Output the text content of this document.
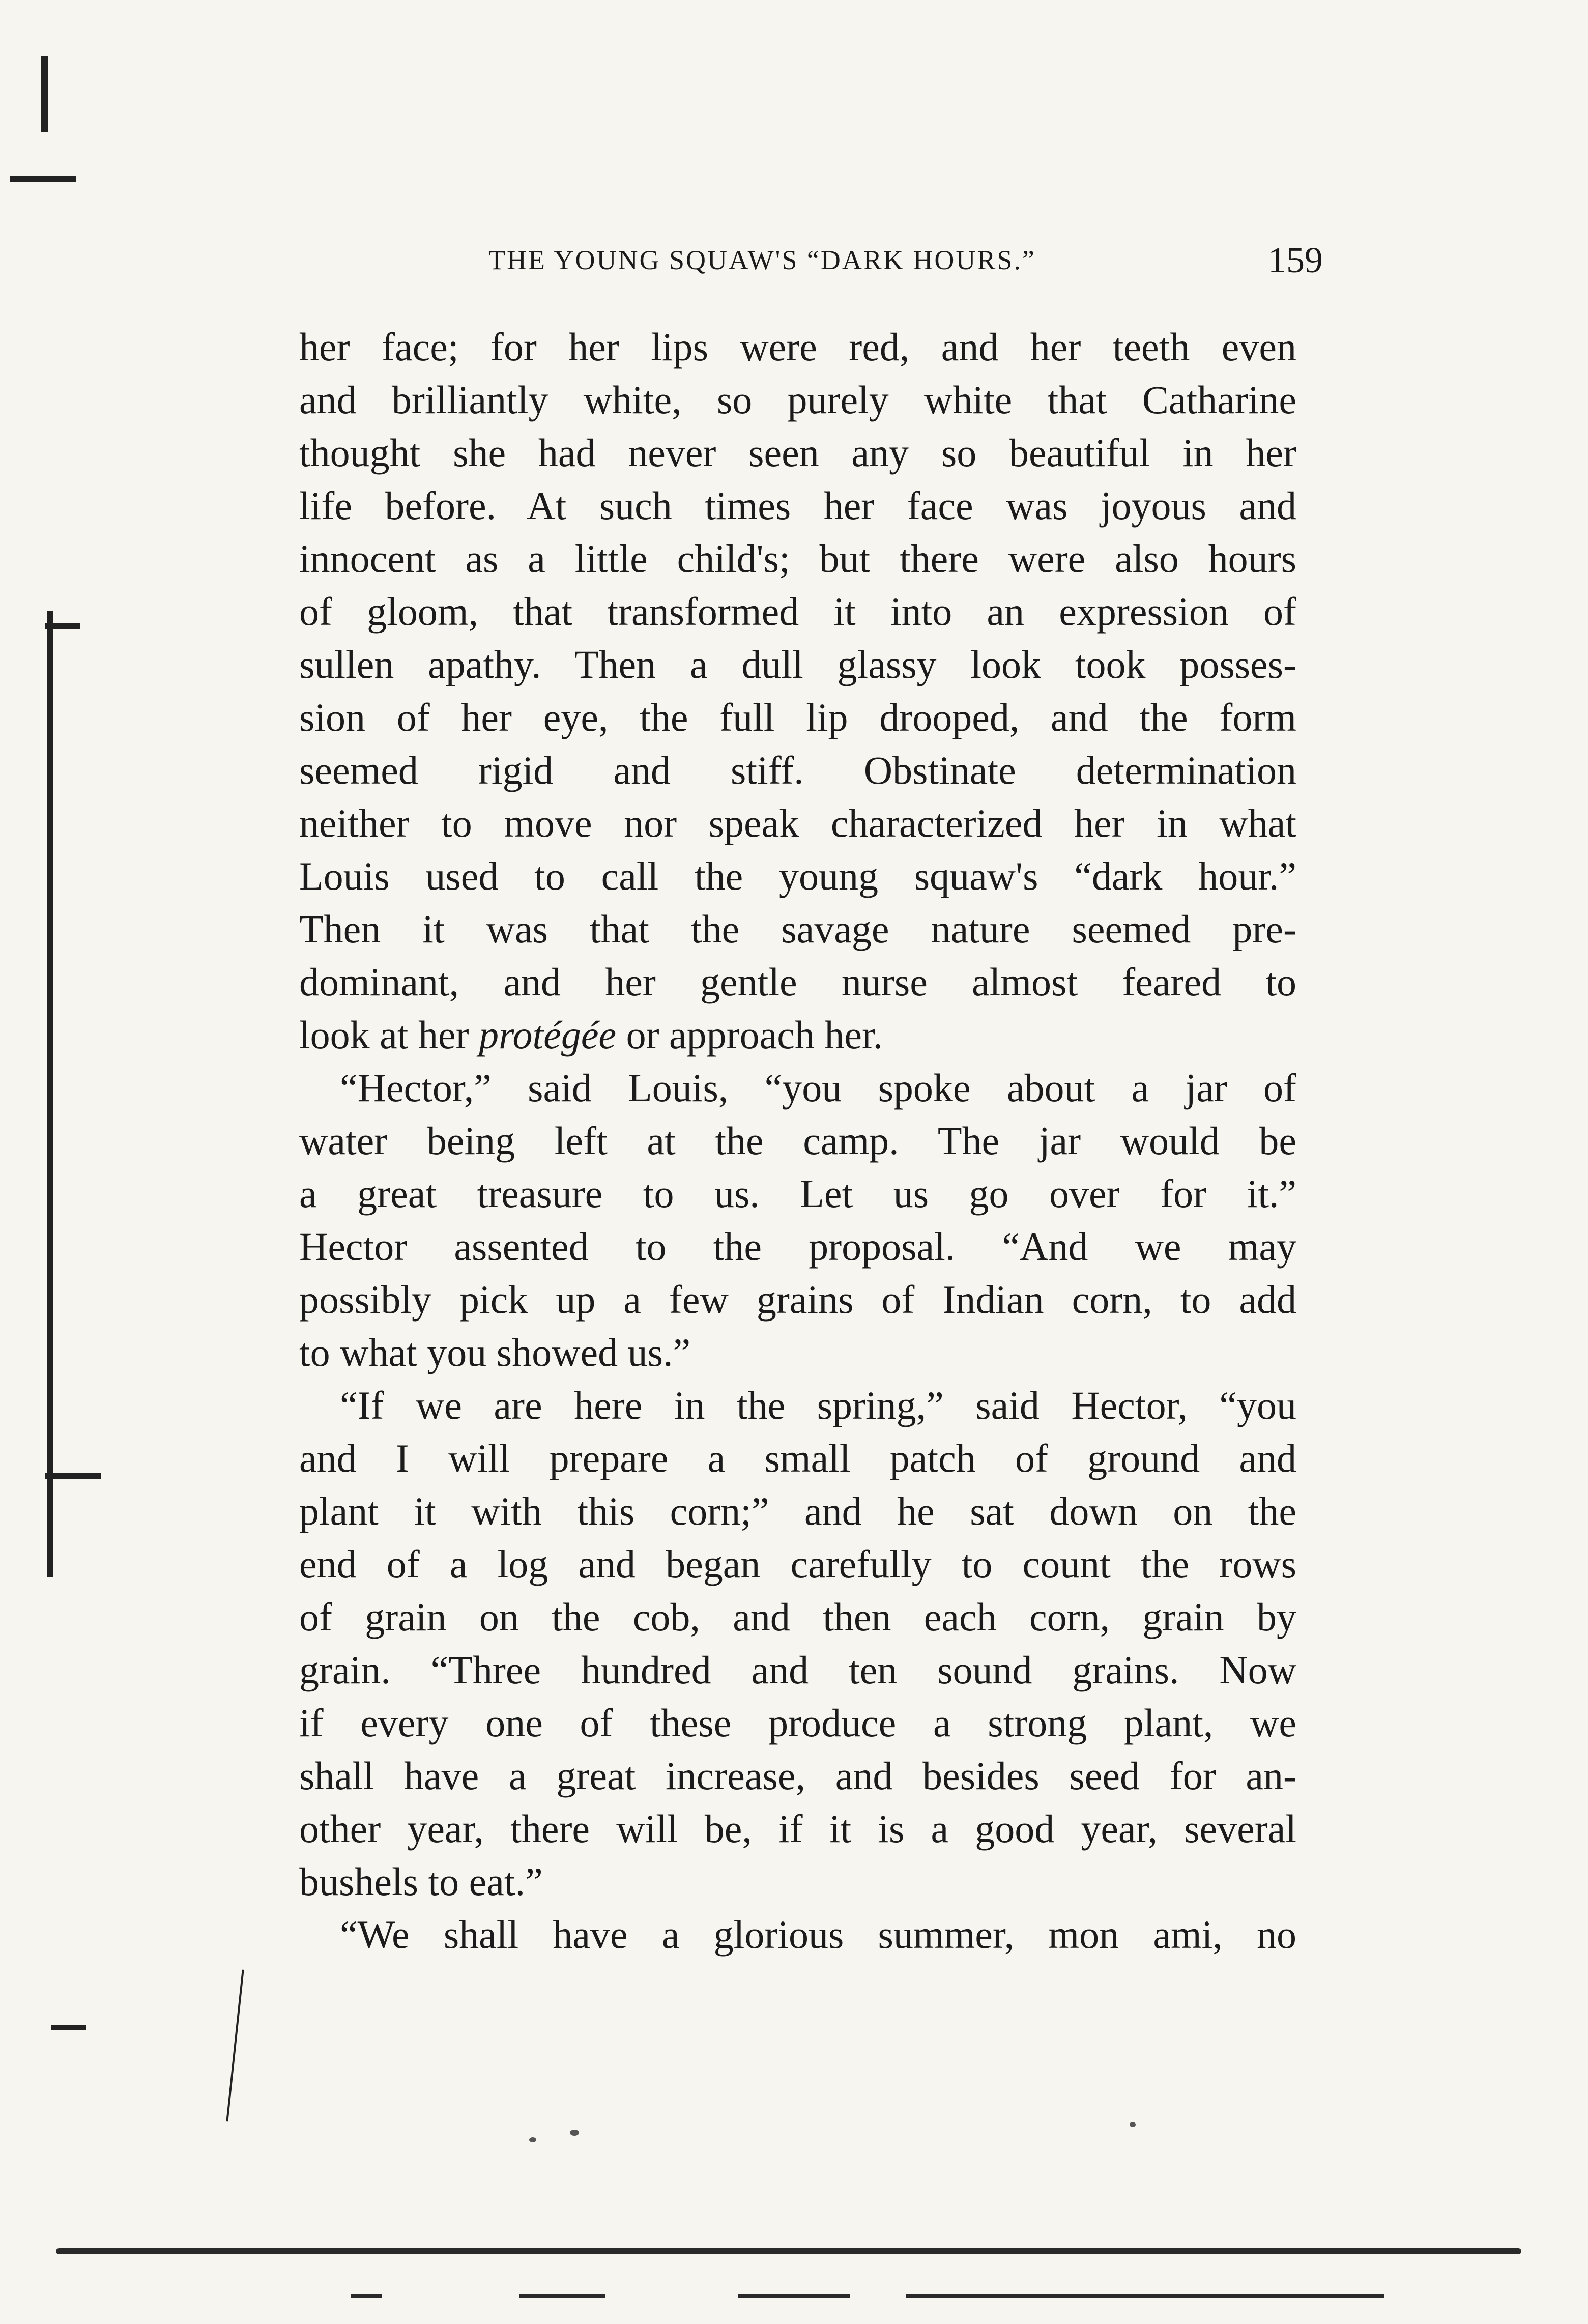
THE YOUNG SQUAW'S “DARK HOURS.”	159
her face; for her lips were red, and her teeth even
and brilliantly white, so purely white that Catharine
thought she had never seen any so beautiful in her
life before. At such times her face was joyous and
innocent as a little child's; but there were also hours
of gloom, that transformed it into an expression of
sullen apathy. Then a dull glassy look took posses-
sion of her eye, the full lip drooped, and the form
seemed rigid and stiff. Obstinate determination
neither to move nor speak characterized her in what
Louis used to call the young squaw's “dark hour.”
Then it was that the savage nature seemed pre-
dominant, and her gentle nurse almost feared to
look at her protégée or approach her.
“Hector,” said Louis, “you spoke about a jar of
water being left at the camp. The jar would be
a great treasure to us. Let us go over for it.”
Hector assented to the proposal. “And we may
possibly pick up a few grains of Indian corn, to add
to what you showed us.”
“If we are here in the spring,” said Hector, “you
and I will prepare a small patch of ground and
plant it with this corn;” and he sat down on the
end of a log and began carefully to count the rows
of grain on the cob, and then each corn, grain by
grain. “Three hundred and ten sound grains. Now
if every one of these produce a strong plant, we
shall have a great increase, and besides seed for an-
other year, there will be, if it is a good year, several
bushels to eat.”
“We shall have a glorious summer, mon ami, no
